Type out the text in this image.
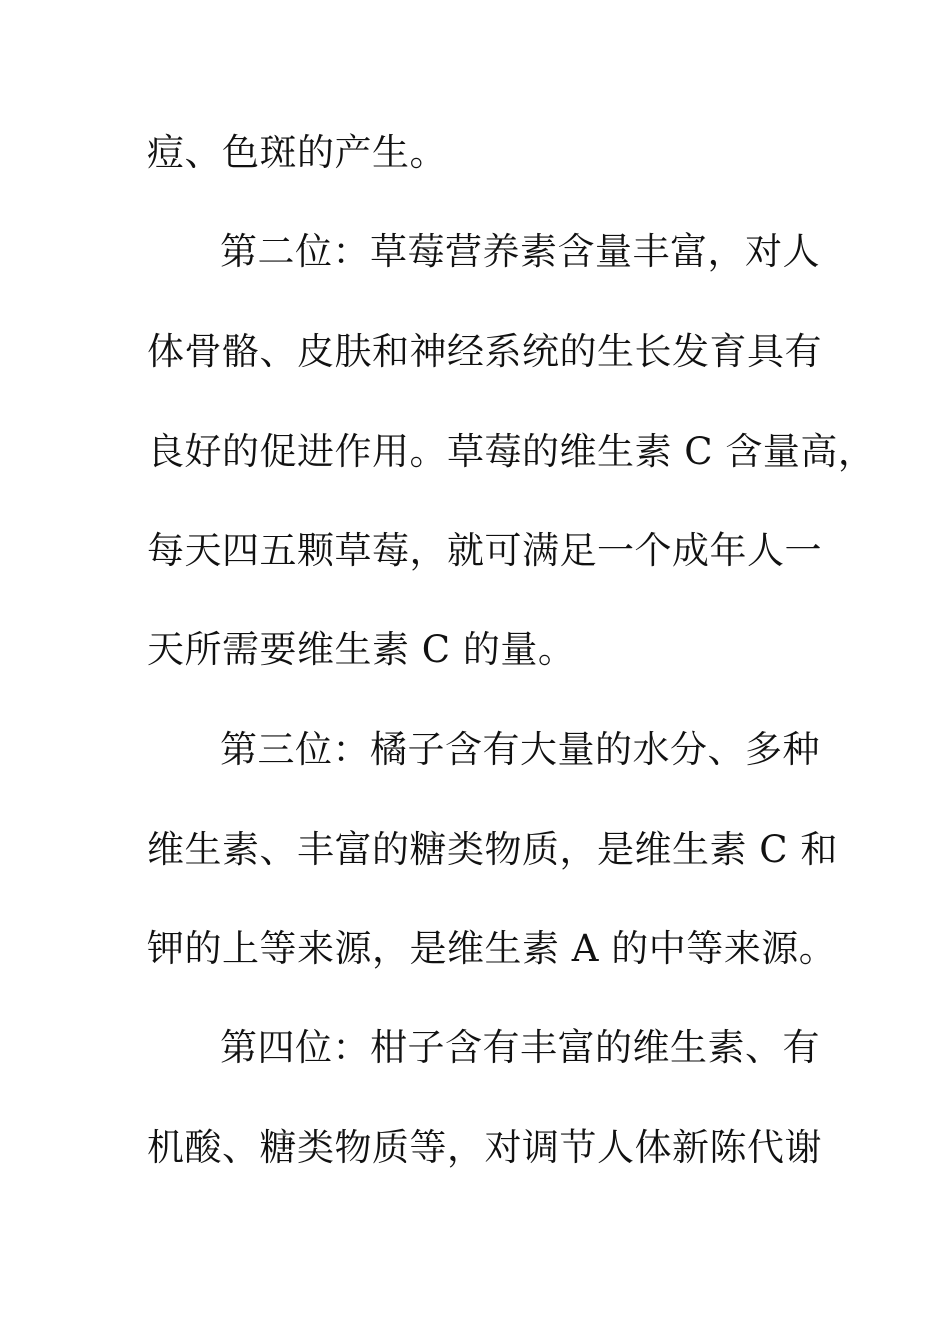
痘、色斑的产生。
第二位：草莓营养素含量丰富，对人
体骨骼、皮肤和神经系统的生长发育具有
良好的促进作用。草莓的维生素 C 含量高，
每天四五颗草莓，就可满足一个成年人一
天所需要维生素 C 的量。
第三位：橘子含有大量的水分、多种
维生素、丰富的糖类物质，是维生素 C 和
钾的上等来源，是维生素 A 的中等来源。
第四位：柑子含有丰富的维生素、有
机酸、糖类物质等，对调节人体新陈代谢
